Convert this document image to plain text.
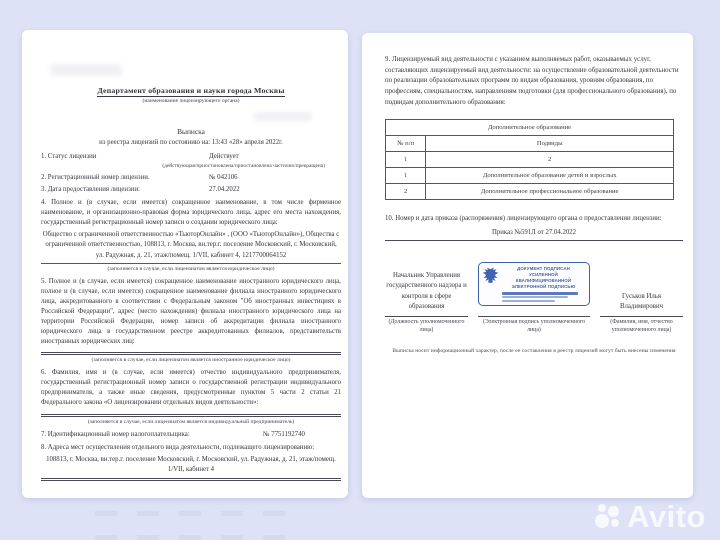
Департамент образования и науки города Москвы
(наименование лицензирующего органа)
Выписка
из реестра лицензий по состоянию на: 13:43 «28» апреля 2022г.
1. Статус лицензии	Действует
(действующая/приостановлена/приостановлена частично/прекращена)
2. Регистрационный номер лицензии.	№ 042106
3. Дата предоставления лицензии:	27.04.2022
4. Полное и (в случае, если имеется) сокращенное наименование, в том числе фирменное наименование, и организационно-правовая форма юридического лица, адрес его места нахождения, государственный регистрационный номер записи о создании юридического лица:
Общество с ограниченной ответственностью «ТьюторОнлайн» , (ООО «ТьюторОнлайн»), Общества с ограниченной ответственностью, 108813, г. Москва, вн.тер.г. поселение Московский, г. Московский, ул. Радужная, д. 21, этаж/помещ. 1/VII, кабинет 4, 1217700064152
(заполняется в случае, если лицензиатом является юридическое лицо)
5. Полное и (в случае, если имеется) сокращенное наименование иностранного юридического лица, полное и (в случае, если имеется) сокращенное наименование филиала иностранного юридического лица, аккредитованного в соответствии с Федеральным законом "Об иностранных инвестициях в Российской Федерации", адрес (место нахождения) филиала иностранного юридического лица на территории Российской Федерации, номер записи об аккредитации филиала иностранного юридического лица в государственном реестре аккредитованных филиалов, представительств иностранных юридических лиц:
(заполняется в случае, если лицензиатом является иностранное юридическое лицо)
6. Фамилия, имя и (в случае, если имеется) отчество индивидуального предпринимателя, государственный регистрационный номер записи о государственной регистрации индивидуального предпринимателя, а также иные сведения, предусмотренные пунктом 5 части 2 статьи 21 Федерального закона «О лицензировании отдельных видов деятельности»:
(заполняется в случае, если лицензиатом является индивидуальный предприниматель)
7. Идентификационный номер налогоплательщика:	№ 7751192740
8. Адреса мест осуществления отдельного вида деятельности, подлежащего лицензированию:
108813, г. Москва, вн.тер.г. поселение Московский, г. Московский, ул. Радужная, д. 21, этаж/помещ. 1/VII, кабинет 4
9. Лицензируемый вид деятельности с указанием выполняемых работ, оказываемых услуг, составляющих лицензируемый вид деятельности: на осуществление образовательной деятельности по реализации образовательных программ по видам образования, уровням образования, по профессиям, специальностям, направлениям подготовки (для профессионального образования), по подвидам дополнительного образования:
Дополнительное образование	
№ п/п	Подвиды
1	2
1	Дополнительное образование детей и взрослых
2	Дополнительное профессиональное образование
10. Номер и дата приказа (распоряжения) лицензирующего органа о предоставлении лицензии:
Приказ №591Л от 27.04.2022
Начальник Управления государственного надзора и контроля в сфере образования
(Должность уполномоченного лица)
ДОКУМЕНТ ПОДПИСАН
УСИЛЕННОЙ КВАЛИФИЦИРОВАННОЙ
ЭЛЕКТРОННОЙ ПОДПИСЬЮ
(Электронная подпись уполномоченного лица)
Гуськов Илья Владимирович
(Фамилия, имя, отчество уполномоченного лица)
Выписка носит информационный характер, после ее составления в реестр лицензий могут быть внесены изменения
Avito
